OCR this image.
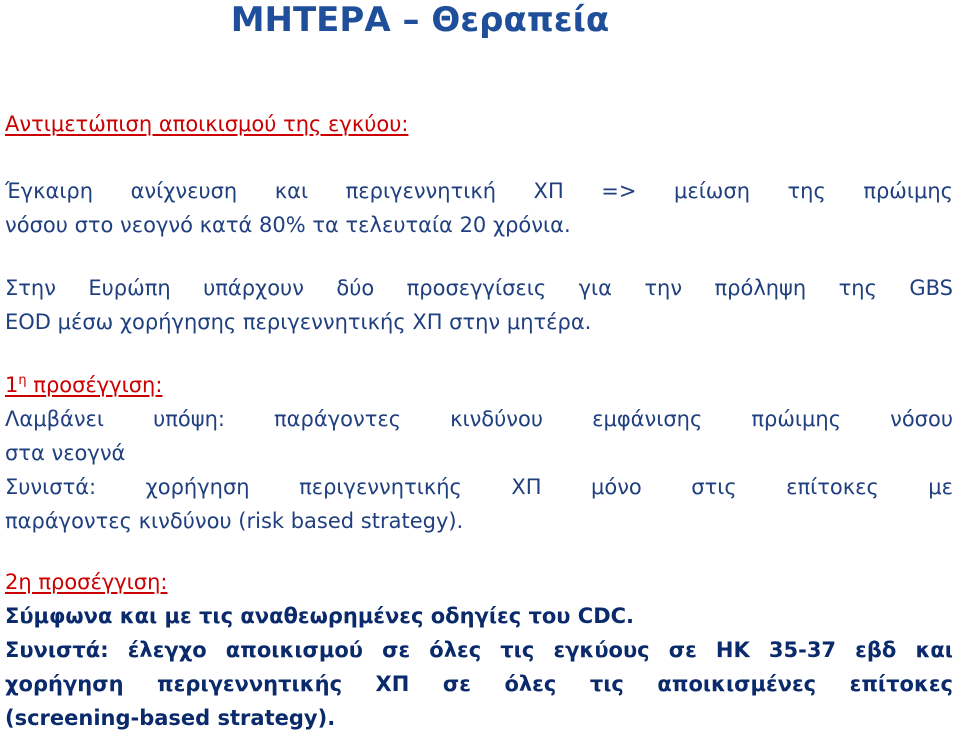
ΜΗΤΕΡΑ – Θεραπεία
Αντιμετώπιση αποικισμού της εγκύου:
Έγκαιρη ανίχνευση και περιγεννητική ΧΠ => μείωση της πρώιμης
νόσου στο νεογνό κατά 80% τα τελευταία 20 χρόνια.
Στην Ευρώπη υπάρχουν δύο προσεγγίσεις για την πρόληψη της GBS
EOD μέσω χορήγησης περιγεννητικής ΧΠ στην μητέρα.
$1^\eta$ προσέγγιση:
Λαμβάνει υπόψη: παράγοντες κινδύνου εμφάνισης πρώιμης νόσου
στα νεογνά
Συνιστά: χορήγηση περιγεννητικής ΧΠ μόνο στις επίτοκες με
παράγοντες κινδύνου (risk based strategy).
2η προσέγγιση:
Σύμφωνα και με τις αναθεωρημένες οδηγίες του CDC.
Συνιστά: έλεγχο αποικισμού σε όλες τις εγκύους σε ΗΚ 35-37 εβδ και
χορήγηση περιγεννητικής ΧΠ σε όλες τις αποικισμένες επίτοκες
(screening-based strategy).
